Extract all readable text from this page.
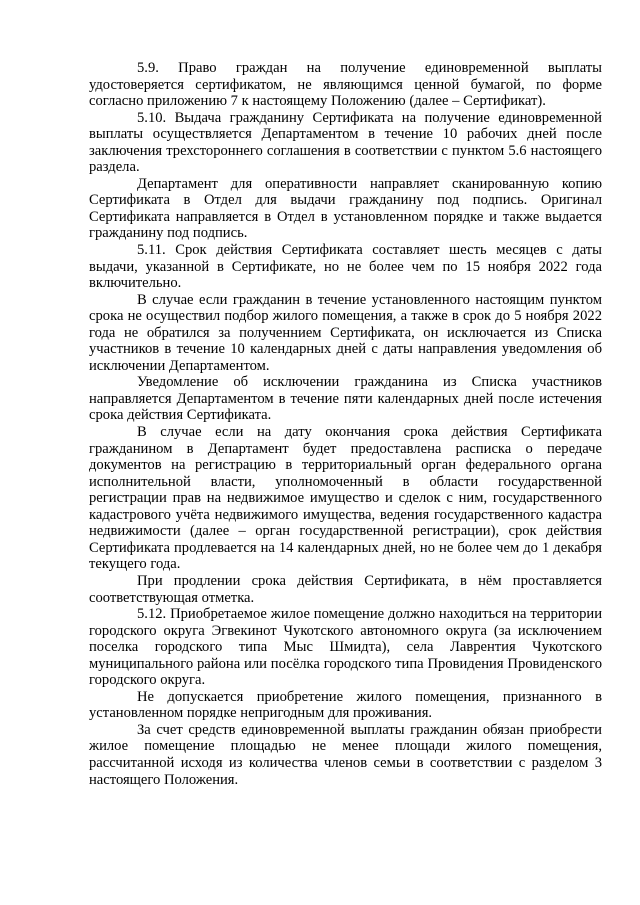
5.9. Право граждан на получение единовременной выплаты удостоверяется сертификатом, не являющимся ценной бумагой, по форме согласно приложению 7 к настоящему Положению (далее – Сертификат).

5.10. Выдача гражданину Сертификата на получение единовременной выплаты осуществляется Департаментом в течение 10 рабочих дней после заключения трехстороннего соглашения в соответствии с пунктом 5.6 настоящего раздела.

Департамент для оперативности направляет сканированную копию Сертификата в Отдел для выдачи гражданину под подпись. Оригинал Сертификата направляется в Отдел в установленном порядке и также выдается гражданину под подпись.

5.11. Срок действия Сертификата составляет шесть месяцев с даты выдачи, указанной в Сертификате, но не более чем по 15 ноября 2022 года включительно.

В случае если гражданин в течение установленного настоящим пунктом срока не осуществил подбор жилого помещения, а также в срок до 5 ноября 2022 года не обратился за полученнием Сертификата, он исключается из Списка участников в течение 10 календарных дней с даты направления уведомления об исключении Департаментом.

Уведомление об исключении гражданина из Списка участников направляется Департаментом в течение пяти календарных дней после истечения срока действия Сертификата.

В случае если на дату окончания срока действия Сертификата гражданином в Департамент будет предоставлена расписка о передаче документов на регистрацию в территориальный орган федерального органа исполнительной власти, уполномоченный в области государственной регистрации прав на недвижимое имущество и сделок с ним, государственного кадастрового учёта недвижимого имущества, ведения государственного кадастра недвижимости (далее – орган государственной регистрации), срок действия Сертификата продлевается на 14 календарных дней, но не более чем до 1 декабря текущего года.

При продлении срока действия Сертификата, в нём проставляется соответствующая отметка.

5.12. Приобретаемое жилое помещение должно находиться на территории городского округа Эгвекинот Чукотского автономного округа (за исключением поселка городского типа Мыс Шмидта), села Лаврентия Чукотского муниципального района или посёлка городского типа Провидения Провиденского городского округа.

Не допускается приобретение жилого помещения, признанного в установленном порядке непригодным для проживания.

За счет средств единовременной выплаты гражданин обязан приобрести жилое помещение площадью не менее площади жилого помещения, рассчитанной исходя из количества членов семьи в соответствии с разделом 3 настоящего Положения.
